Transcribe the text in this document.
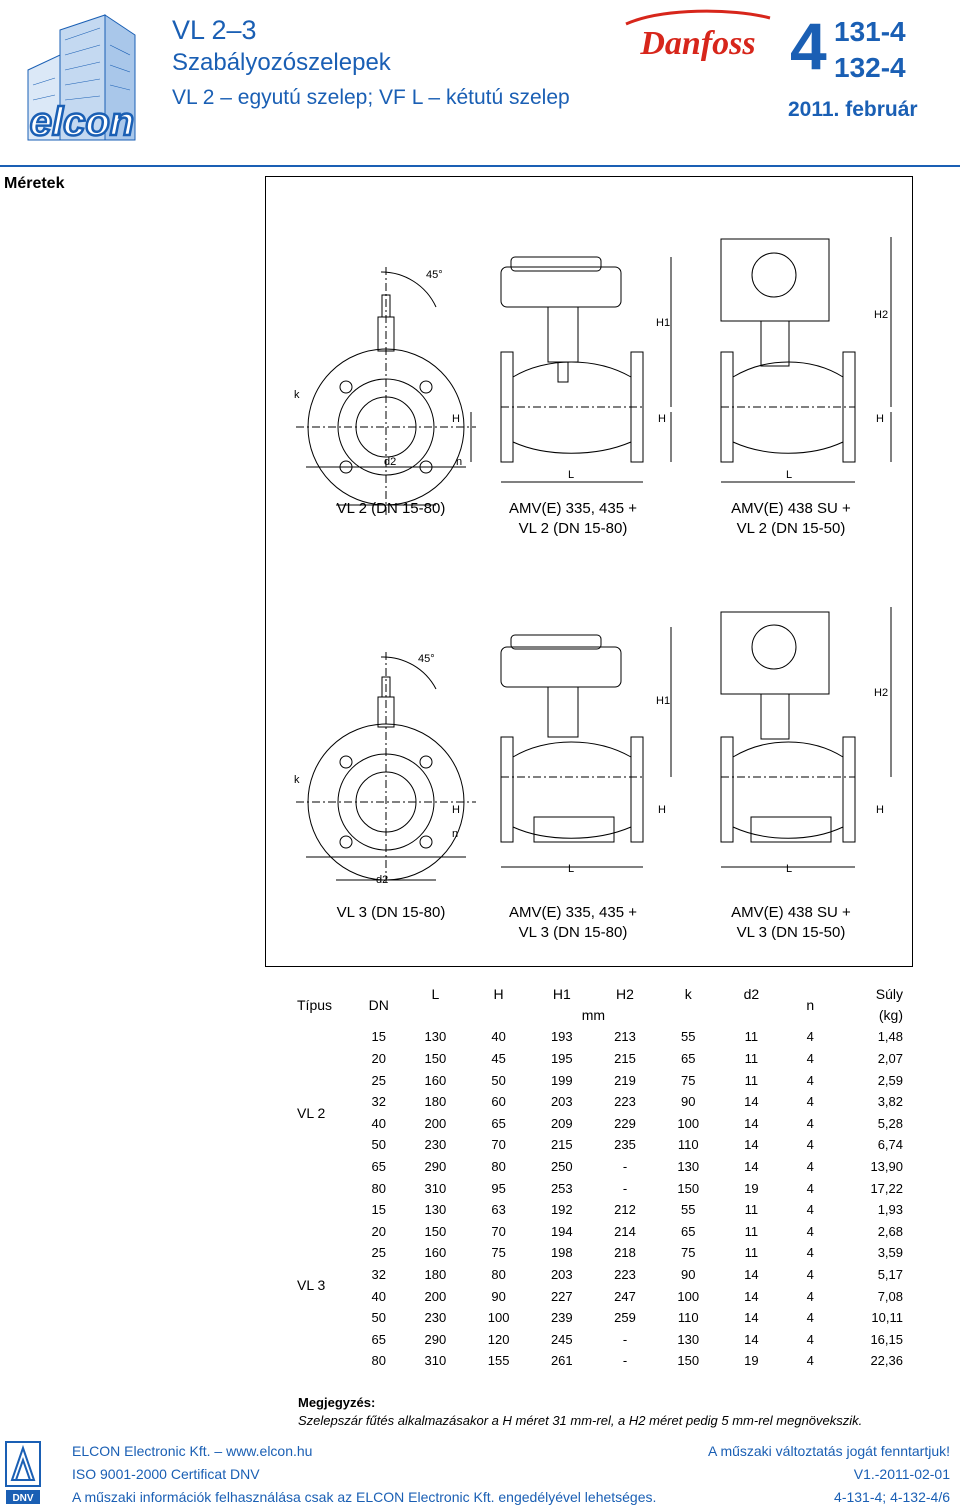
elcon
VL 2–3
Szabályozószelepek
VL 2 – egyutú szelep; VF L – kétutú szelep
Danfoss 4 131-4
132-4
2011. február
Méretek
45°
k
H	H	H
H1
H2
d2	n
L	L
VL 2 (DN 15-80)	AMV(E) 335, 435 +
VL 2 (DN 15-80)
AMV(E) 438 SU +
VL 2 (DN 15-50)
45°
k
H	H	H
H1
H2
n
d2
L	L
VL 3 (DN 15-80)	AMV(E) 335, 435 +
VL 3 (DN 15-80)
AMV(E) 438 SU +
VL 3 (DN 15-50)
Típus	DN	L	H	H1	H2	k	d2	n	Súly
		mm							(kg)
VL 2	15	130	40	193	213	55	11	4	1,48
	20	150	45	195	215	65	11	4	2,07
	25	160	50	199	219	75	11	4	2,59
	32	180	60	203	223	90	14	4	3,82
	40	200	65	209	229	100	14	4	5,28
	50	230	70	215	235	110	14	4	6,74
	65	290	80	250	-	130	14	4	13,90
	80	310	95	253	-	150	19	4	17,22
VL 3	15	130	63	192	212	55	11	4	1,93
	20	150	70	194	214	65	11	4	2,68
	25	160	75	198	218	75	11	4	3,59
	32	180	80	203	223	90	14	4	5,17
	40	200	90	227	247	100	14	4	7,08
	50	230	100	239	259	110	14	4	10,11
	65	290	120	245	-	130	14	4	16,15
	80	310	155	261	-	150	19	4	22,36
Megjegyzés:
Szelepszár fűtés alkalmazásakor a H méret 31 mm-rel, a H2 méret pedig 5 mm-rel megnövekszik.
DNV
ELCON Electronic Kft. – www.elcon.hu	A műszaki változtatás jogát fenntartjuk!
ISO 9001-2000 Certificat DNV	V1.-2011-02-01
A műszaki információk felhasználása csak az ELCON Electronic Kft. engedélyével lehetséges.	4-131-4; 4-132-4/6
